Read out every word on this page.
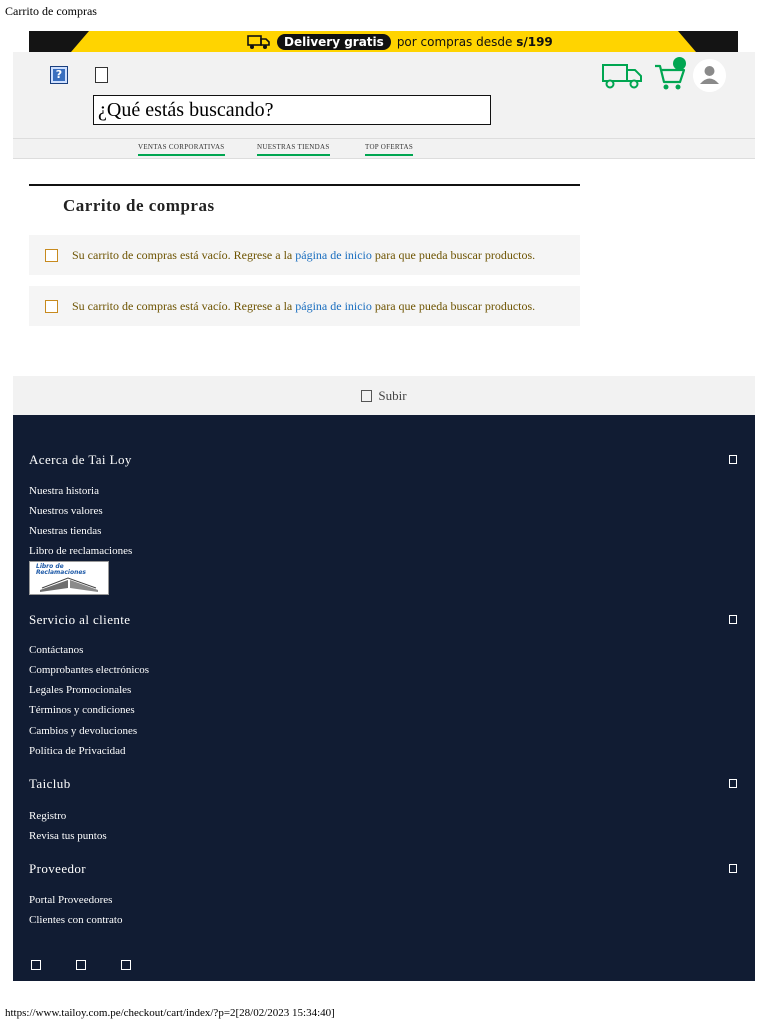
Carrito de compras
Delivery gratis	por compras desde s/199
?
¿Qué estás buscando?
VENTAS CORPORATIVAS	NUESTRAS TIENDAS	TOP OFERTAS
Carrito de compras
Su carrito de compras está vacío. Regrese a la página de inicio para que pueda buscar productos.
Su carrito de compras está vacío. Regrese a la página de inicio para que pueda buscar productos.
Subir
Acerca de Tai Loy
Nuestra historia
Nuestros valores
Nuestras tiendas
Libro de reclamaciones
Libro de Reclamaciones
Servicio al cliente
Contáctanos
Comprobantes electrónicos
Legales Promocionales
Términos y condiciones
Cambios y devoluciones
Política de Privacidad
Taiclub
Registro
Revisa tus puntos
Proveedor
Portal Proveedores
Clientes con contrato
https://www.tailoy.com.pe/checkout/cart/index/?p=2[28/02/2023 15:34:40]
